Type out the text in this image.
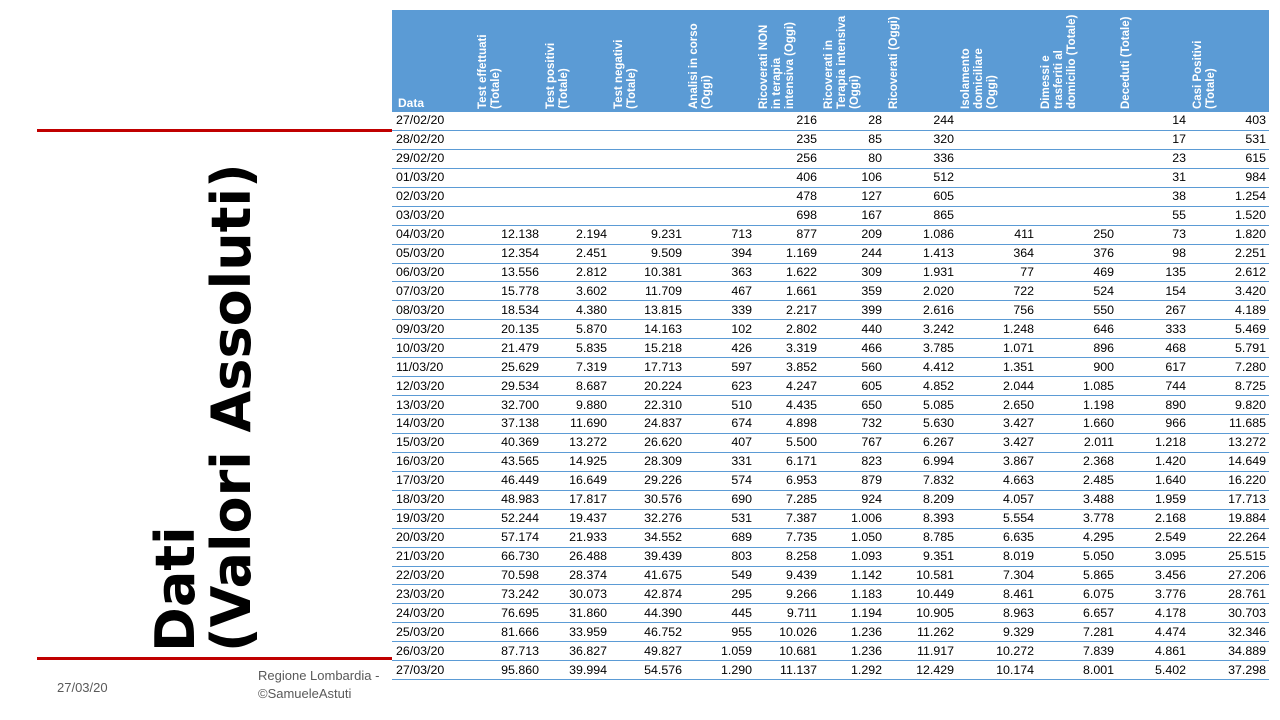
Dati
(Valori Assoluti)
27/03/20
Regione Lombardia -
©SamueleAstuti
Data	Test effettuati (Totale)	Test positivi (Totale)	Test negativi (Totale)	Analisi in corso (Oggi)	Ricoverati NON in terapia intensiva (Oggi)	Ricoverati in Terapia intensiva (Oggi)	Ricoverati (Oggi)	Isolamento domiciliare (Oggi)	Dimessi e trasferiti al domicilio (Totale)	Deceduti (Totale)	Casi Positivi (Totale)

27/02/20					216	28	244			14	403
28/02/20					235	85	320			17	531
29/02/20					256	80	336			23	615
01/03/20					406	106	512			31	984
02/03/20					478	127	605			38	1.254
03/03/20					698	167	865			55	1.520
04/03/20	12.138	2.194	9.231	713	877	209	1.086	411	250	73	1.820
05/03/20	12.354	2.451	9.509	394	1.169	244	1.413	364	376	98	2.251
06/03/20	13.556	2.812	10.381	363	1.622	309	1.931	77	469	135	2.612
07/03/20	15.778	3.602	11.709	467	1.661	359	2.020	722	524	154	3.420
08/03/20	18.534	4.380	13.815	339	2.217	399	2.616	756	550	267	4.189
09/03/20	20.135	5.870	14.163	102	2.802	440	3.242	1.248	646	333	5.469
10/03/20	21.479	5.835	15.218	426	3.319	466	3.785	1.071	896	468	5.791
11/03/20	25.629	7.319	17.713	597	3.852	560	4.412	1.351	900	617	7.280
12/03/20	29.534	8.687	20.224	623	4.247	605	4.852	2.044	1.085	744	8.725
13/03/20	32.700	9.880	22.310	510	4.435	650	5.085	2.650	1.198	890	9.820
14/03/20	37.138	11.690	24.837	674	4.898	732	5.630	3.427	1.660	966	11.685
15/03/20	40.369	13.272	26.620	407	5.500	767	6.267	3.427	2.011	1.218	13.272
16/03/20	43.565	14.925	28.309	331	6.171	823	6.994	3.867	2.368	1.420	14.649
17/03/20	46.449	16.649	29.226	574	6.953	879	7.832	4.663	2.485	1.640	16.220
18/03/20	48.983	17.817	30.576	690	7.285	924	8.209	4.057	3.488	1.959	17.713
19/03/20	52.244	19.437	32.276	531	7.387	1.006	8.393	5.554	3.778	2.168	19.884
20/03/20	57.174	21.933	34.552	689	7.735	1.050	8.785	6.635	4.295	2.549	22.264
21/03/20	66.730	26.488	39.439	803	8.258	1.093	9.351	8.019	5.050	3.095	25.515
22/03/20	70.598	28.374	41.675	549	9.439	1.142	10.581	7.304	5.865	3.456	27.206
23/03/20	73.242	30.073	42.874	295	9.266	1.183	10.449	8.461	6.075	3.776	28.761
24/03/20	76.695	31.860	44.390	445	9.711	1.194	10.905	8.963	6.657	4.178	30.703
25/03/20	81.666	33.959	46.752	955	10.026	1.236	11.262	9.329	7.281	4.474	32.346
26/03/20	87.713	36.827	49.827	1.059	10.681	1.236	11.917	10.272	7.839	4.861	34.889
27/03/20	95.860	39.994	54.576	1.290	11.137	1.292	12.429	10.174	8.001	5.402	37.298
